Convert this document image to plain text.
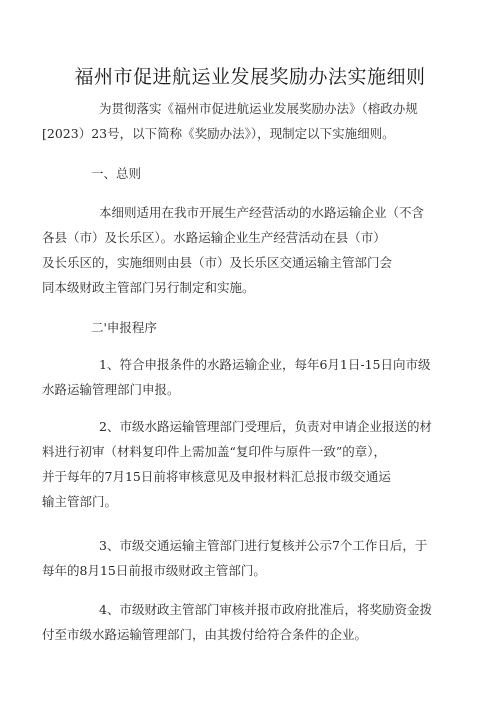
福州市促进航运业发展奖励办法实施细则
为贯彻落实《福州市促进航运业发展奖励办法》（榕政办规
[2023）23号，以下简称《奖励办法》），现制定以下实施细则。
一、总则
本细则适用在我市开展生产经营活动的水路运输企业（不含
各县（市）及长乐区）。水路运输企业生产经营活动在县（市）
及长乐区的，实施细则由县（市）及长乐区交通运输主管部门会
同本级财政主管部门另行制定和实施。
二'申报程序
1、符合申报条件的水路运输企业，每年6月1日-15日向市级
水路运输管理部门申报。
2、市级水路运输管理部门受理后，负责对申请企业报送的材
料进行初审（材料复印件上需加盖“复印件与原件一致”的章），
并于每年的7月15日前将审核意见及申报材料汇总报市级交通运
输主管部门。
3、市级交通运输主管部门进行复核并公示7个工作日后，于
每年的8月15日前报市级财政主管部门。
4、市级财政主管部门审核并报市政府批准后，将奖励资金拨
付至市级水路运输管理部门，由其拨付给符合条件的企业。
